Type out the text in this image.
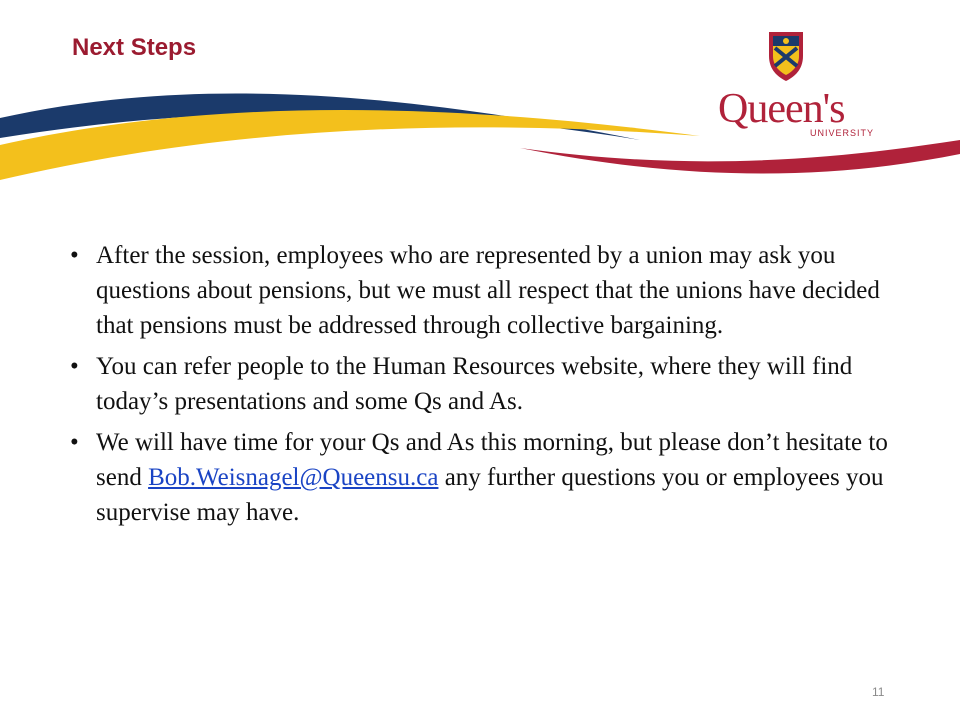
Next Steps
Queen's
UNIVERSITY
• After the session, employees who are represented by a union may ask you questions about pensions, but we must all respect that the unions have decided that pensions must be addressed through collective bargaining.
• You can refer people to the Human Resources website, where they will find today’s presentations and some Qs and As.
• We will have time for your Qs and As this morning, but please don’t hesitate to send Bob.Weisnagel@Queensu.ca any further questions you or employees you supervise may have.
11
